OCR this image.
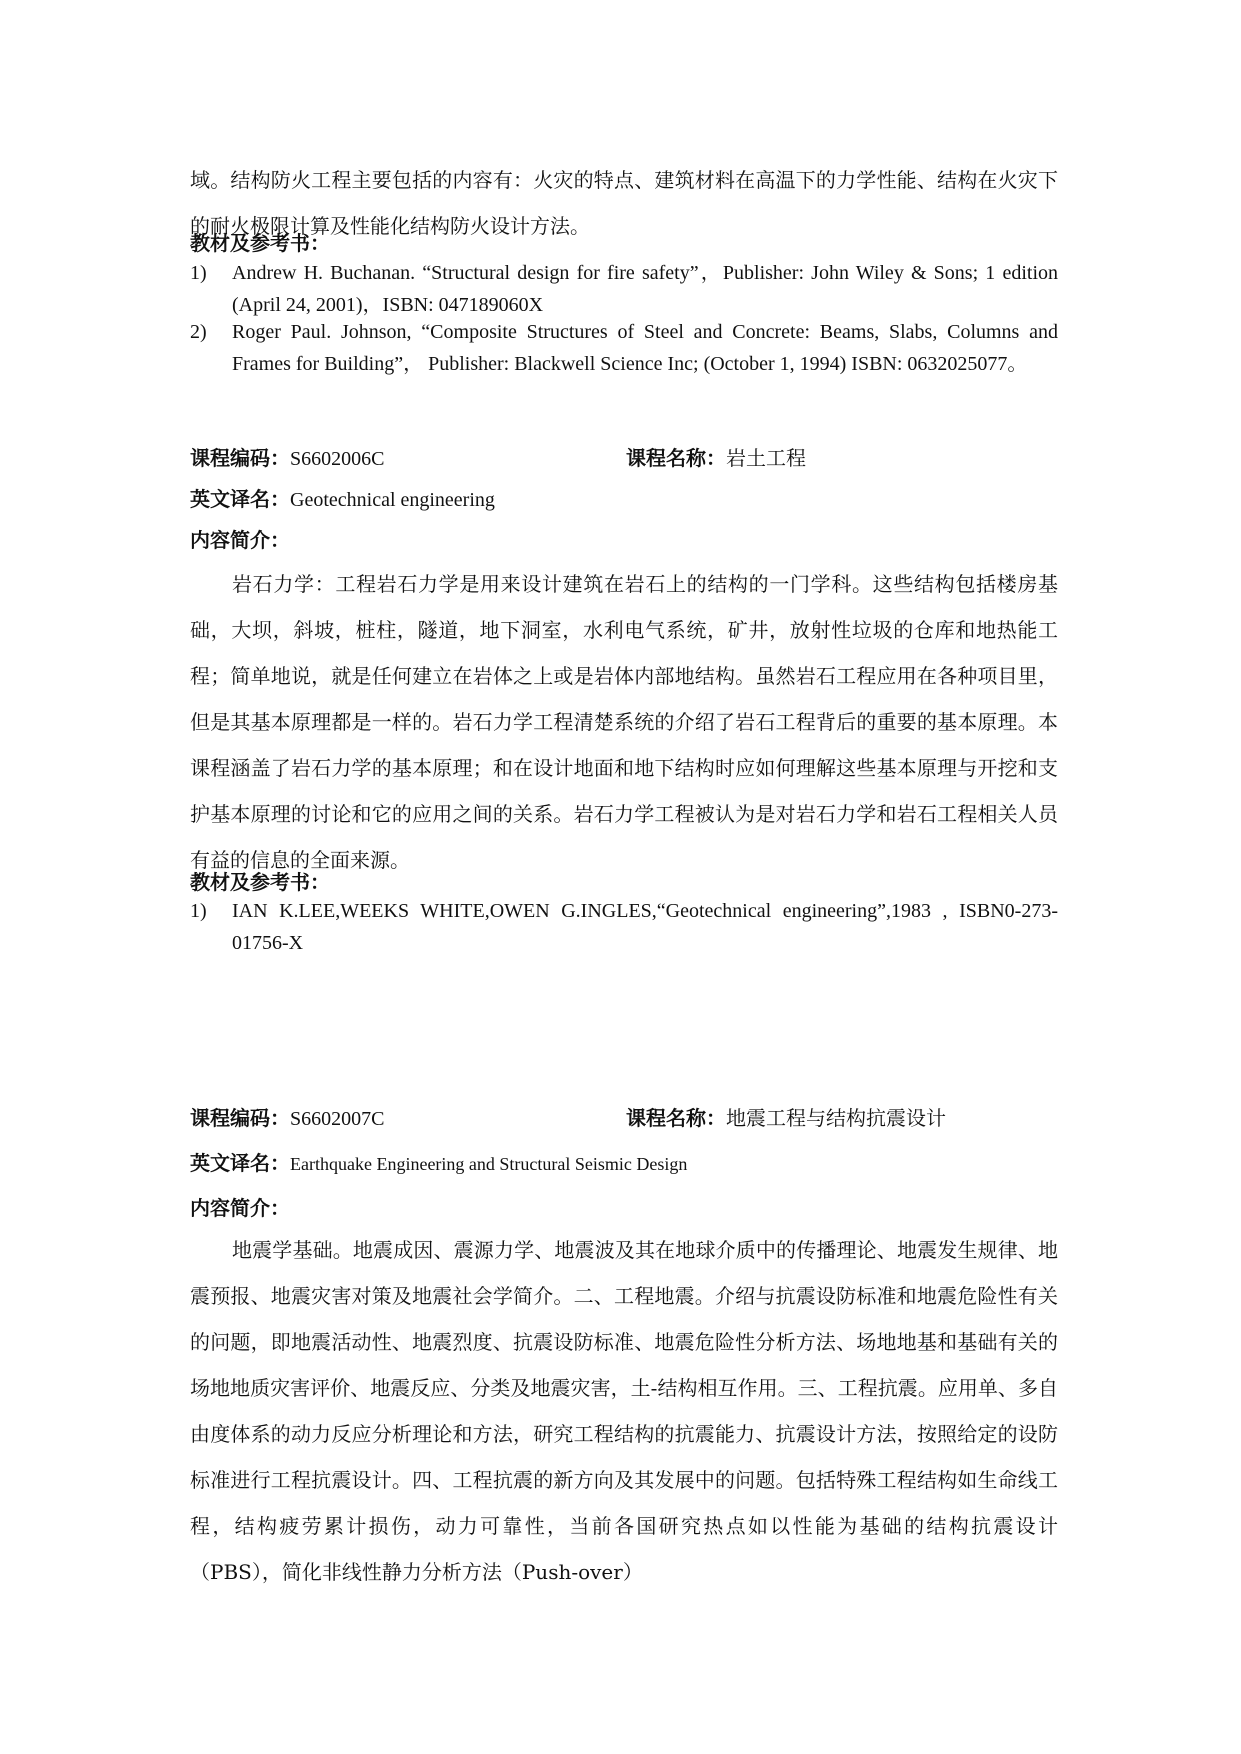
域。结构防火工程主要包括的内容有：火灾的特点、建筑材料在高温下的力学性能、结构在火灾下的耐火极限计算及性能化结构防火设计方法。

教材及参考书：
1) Andrew H. Buchanan. “Structural design for fire safety”，Publisher: John Wiley & Sons; 1 edition (April 24, 2001)，ISBN: 047189060X
2) Roger Paul. Johnson, “Composite Structures of Steel and Concrete: Beams, Slabs, Columns and Frames for Building”， Publisher: Blackwell Science Inc; (October 1, 1994) ISBN: 0632025077。
课程编码：S6602006C	课程名称：岩土工程
英文译名：Geotechnical engineering
内容简介：

岩石力学：工程岩石力学是用来设计建筑在岩石上的结构的一门学科。这些结构包括楼房基础，大坝，斜坡，桩柱，隧道，地下洞室，水利电气系统，矿井，放射性垃圾的仓库和地热能工程；简单地说，就是任何建立在岩体之上或是岩体内部地结构。虽然岩石工程应用在各种项目里，但是其基本原理都是一样的。岩石力学工程清楚系统的介绍了岩石工程背后的重要的基本原理。本课程涵盖了岩石力学的基本原理；和在设计地面和地下结构时应如何理解这些基本原理与开挖和支护基本原理的讨论和它的应用之间的关系。岩石力学工程被认为是对岩石力学和岩石工程相关人员有益的信息的全面来源。

教材及参考书：
1) IAN K.LEE,WEEKS WHITE,OWEN G.INGLES,“Geotechnical engineering”,1983 , ISBN0-273-01756-X
课程编码：S6602007C	课程名称：地震工程与结构抗震设计
英文译名：Earthquake Engineering and Structural Seismic Design
内容简介：

地震学基础。地震成因、震源力学、地震波及其在地球介质中的传播理论、地震发生规律、地震预报、地震灾害对策及地震社会学简介。二、工程地震。介绍与抗震设防标准和地震危险性有关的问题，即地震活动性、地震烈度、抗震设防标准、地震危险性分析方法、场地地基和基础有关的场地地质灾害评价、地震反应、分类及地震灾害，土-结构相互作用。三、工程抗震。应用单、多自由度体系的动力反应分析理论和方法，研究工程结构的抗震能力、抗震设计方法，按照给定的设防标准进行工程抗震设计。四、工程抗震的新方向及其发展中的问题。包括特殊工程结构如生命线工程，结构疲劳累计损伤，动力可靠性，当前各国研究热点如以性能为基础的结构抗震设计（PBS），简化非线性静力分析方法（Push-over）
